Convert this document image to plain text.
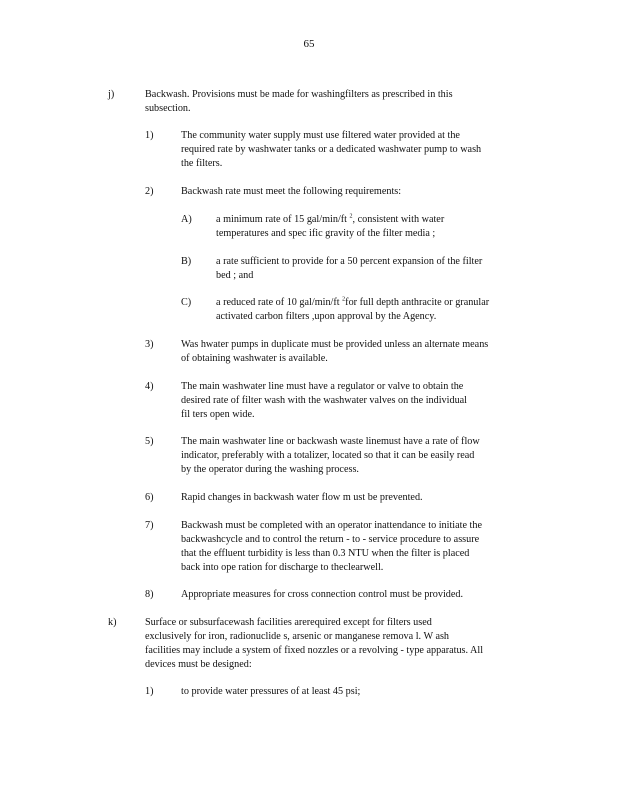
65
j)	Backwash. Provisions must be made for washingfilters as prescribed in this
subsection.
1)	The community water supply must use filtered water provided at the
required rate by washwater tanks or a dedicated washwater pump to wash
the filters.
2)	Backwash rate must meet the following requirements:
A) a minimum rate of 15 gal/min/ft $^2$, consistent with water
temperatures and spec ific gravity of the filter media ;
B) a rate sufficient to provide for a 50 percent expansion of the filter
bed ; and
C) a reduced rate of 10 gal/min/ft $^2$for full depth anthracite or granular
activated carbon filters ,upon approval by the Agency.
3)	Was hwater pumps in duplicate must be provided unless an alternate means
of obtaining washwater is available.
4)	The main washwater line must have a regulator or valve to obtain the
desired rate of filter wash with the washwater valves on the individual
fil ters open wide.
5)	The main washwater line or backwash waste linemust have a rate of flow
indicator, preferably with a totalizer, located so that it can be easily read
by the operator during the washing process.
6)	Rapid changes in backwash water flow m ust be prevented.
7)	Backwash must be completed with an operator inattendance to initiate the
backwashcycle and to control the return - to - service procedure to assure
that the effluent turbidity is less than 0.3 NTU when the filter is placed
back into ope ration for discharge to theclearwell.
8)	Appropriate measures for cross connection control must be provided.
k)	Surface or subsurfacewash facilities arerequired except for filters used
exclusively for iron, radionuclide s, arsenic or manganese remova l. W ash
facilities may include a system of fixed nozzles or a revolving - type apparatus. All
devices must be designed:
1)	to provide water pressures of at least 45 psi;
